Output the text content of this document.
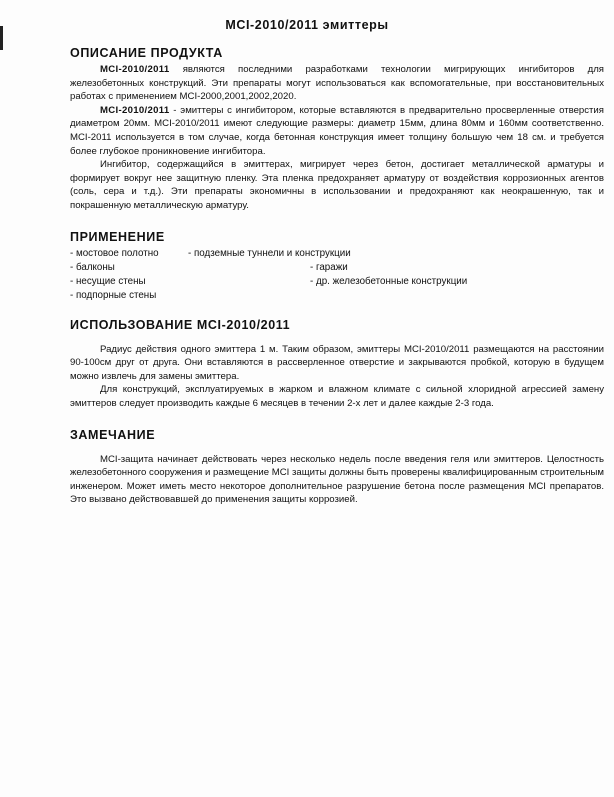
MCI-2010/2011 эмиттеры
ОПИСАНИЕ ПРОДУКТА

MCI-2010/2011 являются последними разработками технологии мигрирующих ингибиторов для железобетонных конструкций. Эти препараты могут использоваться как вспомогательные, при восстановительных работах с применением MCI-2000,2001,2002,2020.

MCI-2010/2011 - эмиттеры с ингибитором, которые вставляются в предварительно просверленные отверстия диаметром 20мм. MCI-2010/2011 имеют следующие размеры: диаметр 15мм, длина 80мм и 160мм соответственно. MCI-2011 используется в том случае, когда бетонная конструкция имеет толщину большую чем 18 см. и требуется более глубокое проникновение ингибитора.

Ингибитор, содержащийся в эмиттерах, мигрирует через бетон, достигает металлической арматуры и формирует вокруг нее защитную пленку. Эта пленка предохраняет арматуру от воздействия коррозионных агентов (соль, сера и т.д.). Эти препараты экономичны в использовании и предохраняют как неокрашенную, так и покрашенную металлическую арматуру.

ПРИМЕНЕНИЕ
- мостовое полотно	- подземные туннели и конструкции
- балконы	- гаражи
- несущие стены	- др. железобетонные конструкции
- подпорные стены
ИСПОЛЬЗОВАНИЕ MCI-2010/2011

Радиус действия одного эмиттера 1 м. Таким образом, эмиттеры MCI-2010/2011 размещаются на расстоянии 90-100см друг от друга. Они вставляются в рассверленное отверстие и закрываются пробкой, которую в будущем можно извлечь для замены эмиттера.

Для конструкций, эксплуатируемых в жарком и влажном климате с сильной хлоридной агрессией замену эмиттеров следует производить каждые 6 месяцев в течении 2-х лет и далее каждые 2-3 года.

ЗАМЕЧАНИЕ

MCI-защита начинает действовать через несколько недель после введения геля или эмиттеров. Целостность железобетонного сооружения и размещение MCI защиты должны быть проверены квалифицированным строительным инженером. Может иметь место некоторое дополнительное разрушение бетона после размещения MCI препаратов. Это вызвано действовавшей до применения защиты коррозией.
